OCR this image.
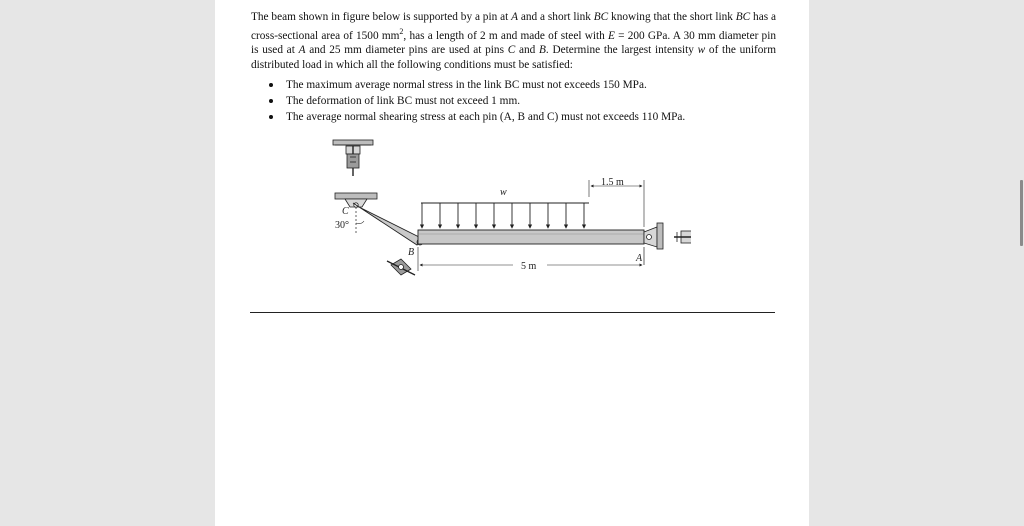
The beam shown in figure below is supported by a pin at A and a short link BC knowing that the short link BC has a cross-sectional area of 1500 $mm^2$, has a length of 2 m and made of steel with E = 200 GPa. A 30 mm diameter pin is used at A and 25 mm diameter pins are used at pins C and B. Determine the largest intensity w of the uniform distributed load in which all the following conditions must be satisfied:

The maximum average normal stress in the link BC must not exceeds 150 MPa.
The deformation of link BC must not exceed 1 mm.
The average normal shearing stress at each pin (A, B and C) must not exceeds 110 MPa.
30°
C
A
B
w
1.5 m
5 m
